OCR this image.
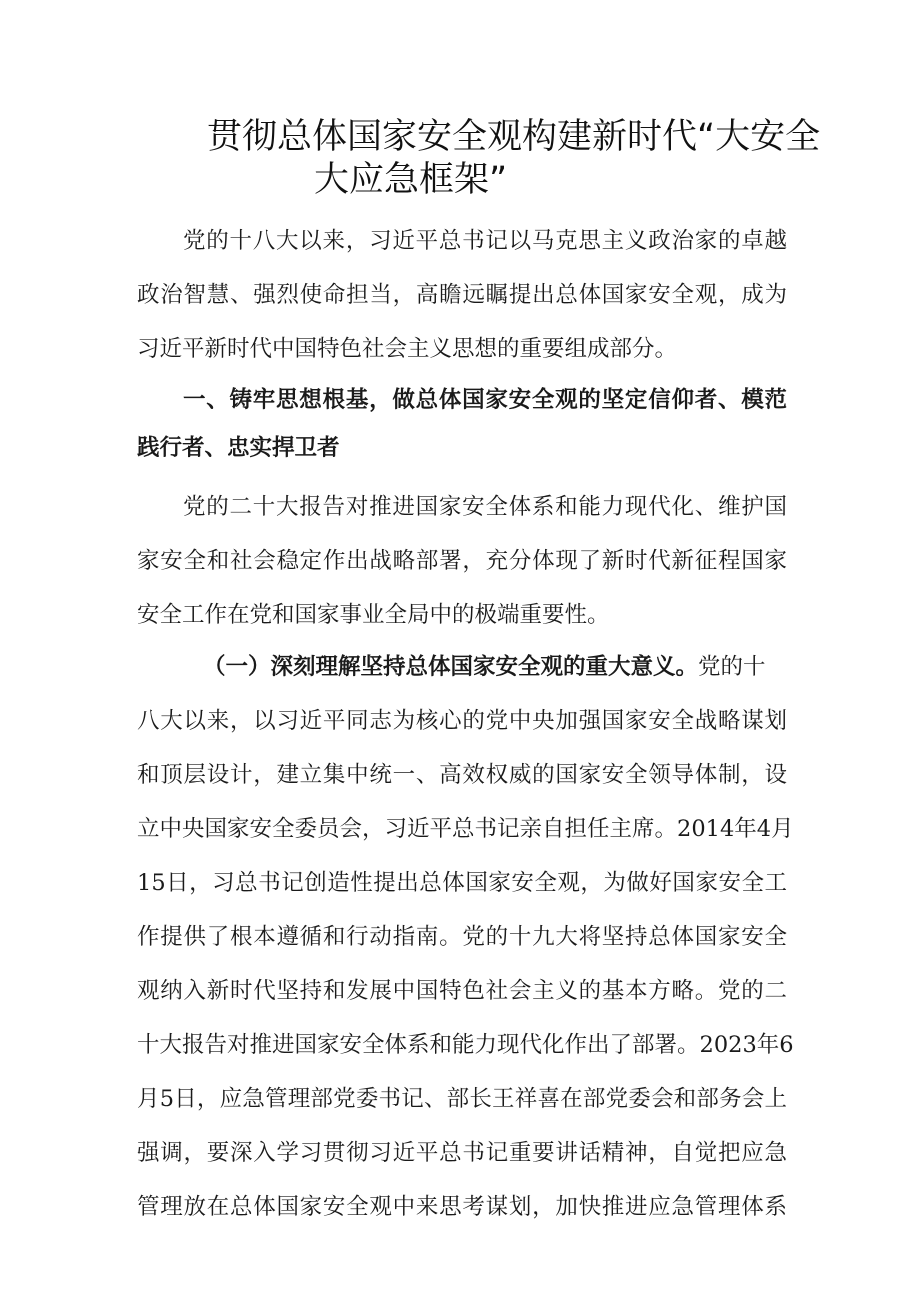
贯彻总体国家安全观构建新时代“大安全
大应急框架”
党的十八大以来，习近平总书记以马克思主义政治家的卓越
政治智慧、强烈使命担当，高瞻远瞩提出总体国家安全观，成为
习近平新时代中国特色社会主义思想的重要组成部分。
一、铸牢思想根基，做总体国家安全观的坚定信仰者、模范
践行者、忠实捍卫者
党的二十大报告对推进国家安全体系和能力现代化、维护国
家安全和社会稳定作出战略部署，充分体现了新时代新征程国家
安全工作在党和国家事业全局中的极端重要性。
（一）深刻理解坚持总体国家安全观的重大意义。党的十
八大以来，以习近平同志为核心的党中央加强国家安全战略谋划
和顶层设计，建立集中统一、高效权威的国家安全领导体制，设
立中央国家安全委员会，习近平总书记亲自担任主席。2014年4月
15日，习总书记创造性提出总体国家安全观，为做好国家安全工
作提供了根本遵循和行动指南。党的十九大将坚持总体国家安全
观纳入新时代坚持和发展中国特色社会主义的基本方略。党的二
十大报告对推进国家安全体系和能力现代化作出了部署。2023年6
月5日，应急管理部党委书记、部长王祥喜在部党委会和部务会上
强调，要深入学习贯彻习近平总书记重要讲话精神，自觉把应急
管理放在总体国家安全观中来思考谋划，加快推进应急管理体系
